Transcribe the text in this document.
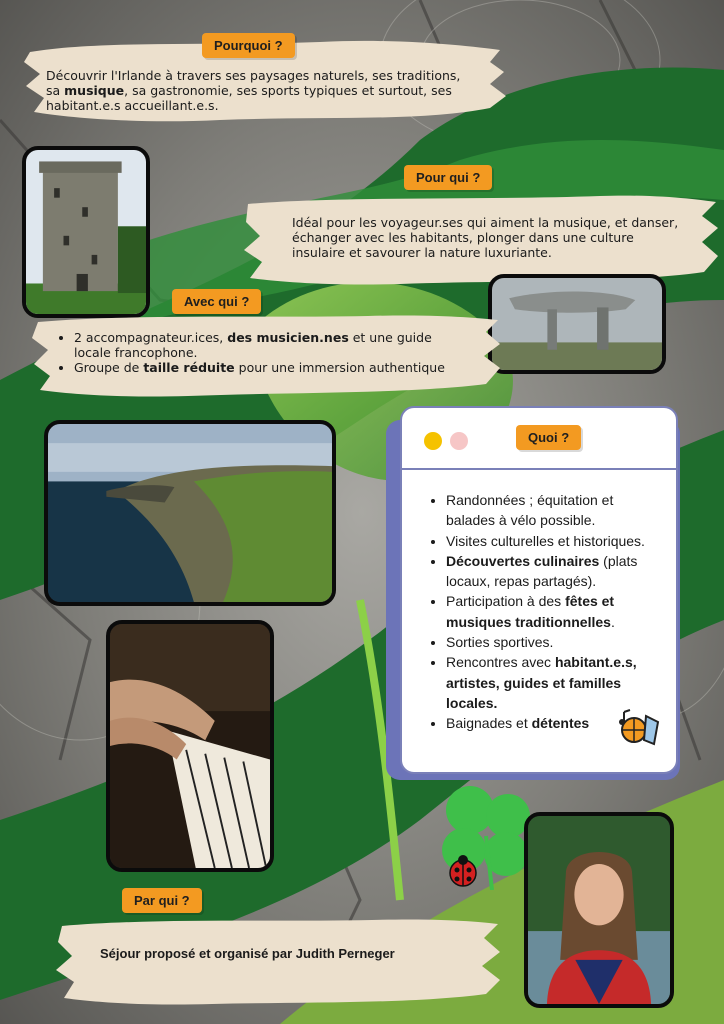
Pourquoi ?
Découvrir l'Irlande à travers ses paysages naturels, ses traditions, sa musique, sa gastronomie, ses sports typiques et surtout, ses habitant.e.s accueillant.e.s.
Pour qui ?
Idéal pour les voyageur.ses qui aiment la musique, et danser, échanger avec les habitants, plonger dans une culture insulaire et savourer la nature luxuriante.
Avec qui ?
• 2 accompagnateur.ices, des musicien.nes et une guide locale francophone.
• Groupe de taille réduite pour une immersion authentique
• Randonnées ; équitation et balades à vélo possible.
• Visites culturelles et historiques.
• Découvertes culinaires (plats locaux, repas partagés).
• Participation à des fêtes et musiques traditionnelles.
• Sorties sportives.
• Rencontres avec habitant.e.s, artistes, guides et familles locales.
• Baignades et détentes
Quoi ?
Par qui ?
Séjour proposé et organisé par Judith Perneger
